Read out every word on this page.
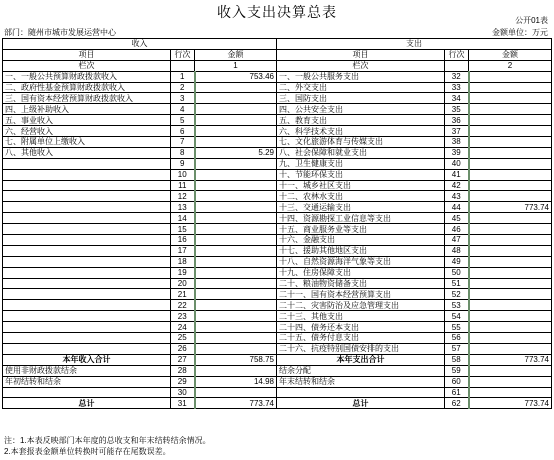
收入支出决算总表
公开01表
部门：随州市城市发展运营中心	金额单位：万元
收入			支出		
项目	行次	金额	项目	行次	金额
栏次		1	栏次		2
一、一般公共预算财政拨款收入	1	753.46	一、一般公共服务支出	32	
二、政府性基金预算财政拨款收入	2		二、外交支出	33	
三、国有资本经营预算财政拨款收入	3		三、国防支出	34	
四、上级补助收入	4		四、公共安全支出	35	
五、事业收入	5		五、教育支出	36	
六、经营收入	6		六、科学技术支出	37	
七、附属单位上缴收入	7		七、文化旅游体育与传媒支出	38	
八、其他收入	8	5.29	八、社会保障和就业支出	39	
	9		九、卫生健康支出	40	
	10		十、节能环保支出	41	
	11		十一、城乡社区支出	42	
	12		十二、农林水支出	43	
	13		十三、交通运输支出	44	773.74
	14		十四、资源勘探工业信息等支出	45	
	15		十五、商业服务业等支出	46	
	16		十六、金融支出	47	
	17		十七、援助其他地区支出	48	
	18		十八、自然资源海洋气象等支出	49	
	19		十九、住房保障支出	50	
	20		二十、粮油物资储备支出	51	
	21		二十一、国有资本经营预算支出	52	
	22		二十二、灾害防治及应急管理支出	53	
	23		二十三、其他支出	54	
	24		二十四、债务还本支出	55	
	25		二十五、债务付息支出	56	
	26		二十六、抗疫特别国债安排的支出	57	
本年收入合计	27	758.75	本年支出合计	58	773.74
使用非财政拨款结余	28		结余分配	59	
年初结转和结余	29	14.98	年末结转和结余	60	
	30			61	
总计	31	773.74	总计	62	773.74
注：1.本表反映部门本年度的总收支和年末结转结余情况。
2.本套报表金额单位转换时可能存在尾数误差。
